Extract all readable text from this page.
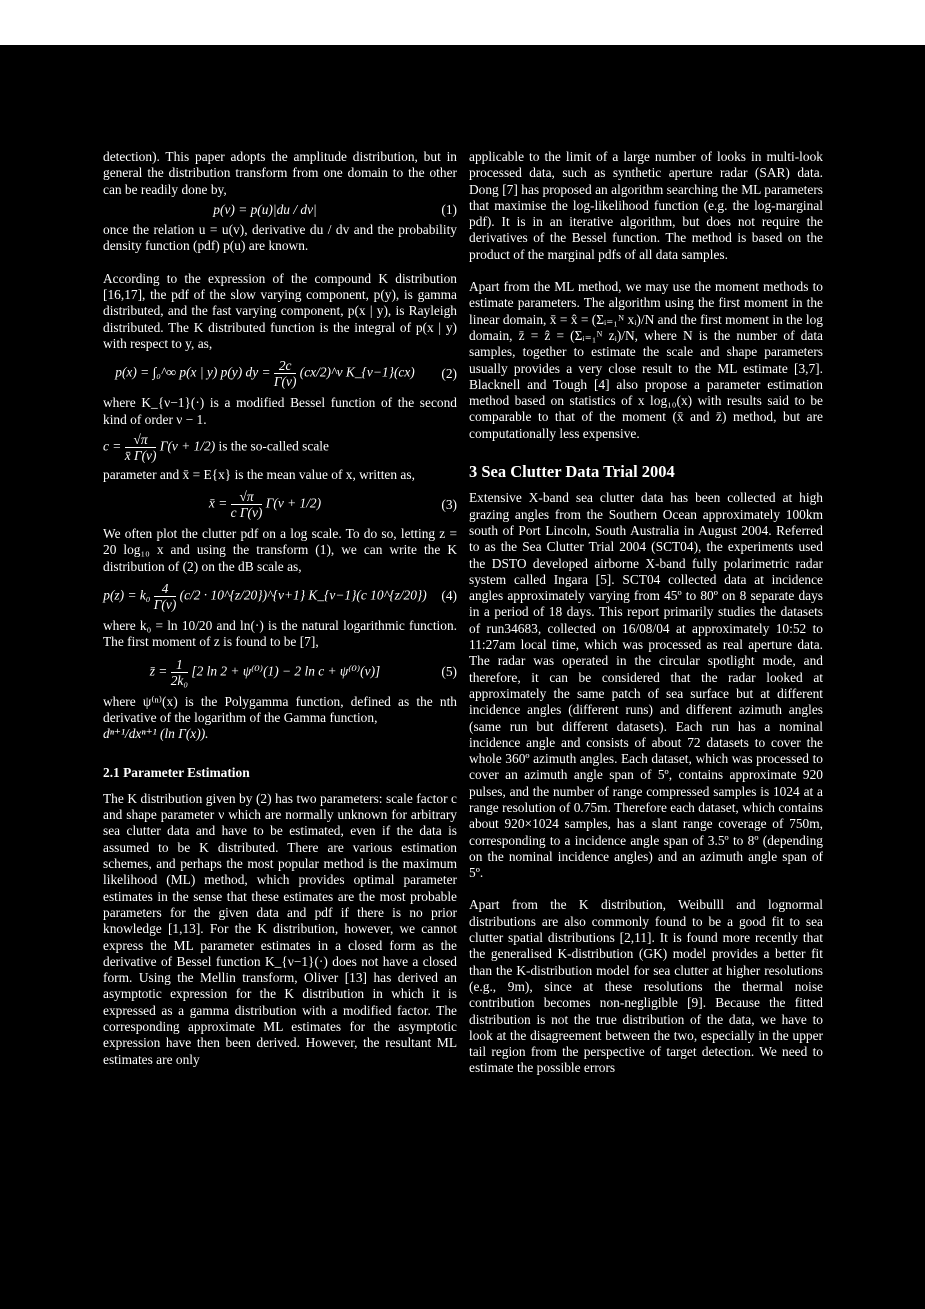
detection). This paper adopts the amplitude distribution, but in general the distribution transform from one domain to the other can be readily done by,

p(v) = p(u)|du / dv|	(1)

once the relation u = u(v), derivative du / dv and the probability density function (pdf) p(u) are known.

According to the expression of the compound K distribution [16,17], the pdf of the slow varying component, p(y), is gamma distributed, and the fast varying component, p(x | y), is Rayleigh distributed. The K distributed function is the integral of p(x | y) with respect to y, as,

p(x) = ∫₀^∞ p(x | y) p(y) dy = $\frac{2c}{\Gamma(\nu)}$ (cx/2)^ν K_{ν−1}(cx)	(2)

where K_{ν−1}(·) is a modified Bessel function of the second kind of order ν − 1.

$c = \frac{√\pi}{x̄ \Gamma(\nu)} \Gamma(\nu + 1/2)$ is the so-called scale

parameter and x̄ = E{x} is the mean value of x, written as,

x̄ = $\frac{√\pi}{\text{c Γ(ν)}} \Gamma(\nu + 1/2)$	(3)

We often plot the clutter pdf on a log scale. To do so, letting z = 20 log₁₀ x and using the transform (1), we can write the K distribution of (2) on the dB scale as,

$p(z) = k_0 \frac{4}{\Gamma(\nu)} (c/2$ · 10^{z/20})^{ν+1} K_{ν−1}(c 10^{z/20})	(4)

where k₀ = ln 10/20 and ln(·) is the natural logarithmic function. The first moment of z is found to be [7],

z̄ = $\frac{1}{\text{2k₀}} [2$ ln 2 + ψ⁽⁰⁾(1) − 2 ln c + ψ⁽⁰⁾(ν)]	(5)

where ψ⁽ⁿ⁾(x) is the Polygamma function, defined as the nth derivative of the logarithm of the Gamma function,

dⁿ⁺¹/dxⁿ⁺¹ (ln Γ(x)).

2.1 Parameter Estimation

The K distribution given by (2) has two parameters: scale factor c and shape parameter ν which are normally unknown for arbitrary sea clutter data and have to be estimated, even if the data is assumed to be K distributed. There are various estimation schemes, and perhaps the most popular method is the maximum likelihood (ML) method, which provides optimal parameter estimates in the sense that these estimates are the most probable parameters for the given data and pdf if there is no prior knowledge [1,13]. For the K distribution, however, we cannot express the ML parameter estimates in a closed form as the derivative of Bessel function K_{ν−1}(·) does not have a closed form. Using the Mellin transform, Oliver [13] has derived an asymptotic expression for the K distribution in which it is expressed as a gamma distribution with a modified factor. The corresponding approximate ML estimates for the asymptotic expression have then been derived. However, the resultant ML estimates are only

applicable to the limit of a large number of looks in multi-look processed data, such as synthetic aperture radar (SAR) data. Dong [7] has proposed an algorithm searching the ML parameters that maximise the log-likelihood function (e.g. the log-marginal pdf). It is in an iterative algorithm, but does not require the derivatives of the Bessel function. The method is based on the product of the marginal pdfs of all data samples.

Apart from the ML method, we may use the moment methods to estimate parameters. The algorithm using the first moment in the linear domain, x̄ = x̂ = (Σᵢ₌₁ᴺ xᵢ)/N and the first moment in the log domain, z̄ = ẑ = (Σᵢ₌₁ᴺ zᵢ)/N, where N is the number of data samples, together to estimate the scale and shape parameters usually provides a very close result to the ML estimate [3,7]. Blacknell and Tough [4] also propose a parameter estimation method based on statistics of x log₁₀(x) with results said to be comparable to that of the moment (x̄ and z̄) method, but are computationally less expensive.

3 Sea Clutter Data Trial 2004

Extensive X-band sea clutter data has been collected at high grazing angles from the Southern Ocean approximately 100km south of Port Lincoln, South Australia in August 2004. Referred to as the Sea Clutter Trial 2004 (SCT04), the experiments used the DSTO developed airborne X-band fully polarimetric radar system called Ingara [5]. SCT04 collected data at incidence angles approximately varying from 45º to 80º on 8 separate days in a period of 18 days. This report primarily studies the datasets of run34683, collected on 16/08/04 at approximately 10:52 to 11:27am local time, which was processed as real aperture data. The radar was operated in the circular spotlight mode, and therefore, it can be considered that the radar looked at approximately the same patch of sea surface but at different incidence angles (different runs) and different azimuth angles (same run but different datasets). Each run has a nominal incidence angle and consists of about 72 datasets to cover the whole 360º azimuth angles. Each dataset, which was processed to cover an azimuth angle span of 5º, contains approximate 920 pulses, and the number of range compressed samples is 1024 at a range resolution of 0.75m. Therefore each dataset, which contains about 920×1024 samples, has a slant range coverage of 750m, corresponding to a incidence angle span of 3.5º to 8º (depending on the nominal incidence angles) and an azimuth angle span of 5º.

Apart from the K distribution, Weibulll and lognormal distributions are also commonly found to be a good fit to sea clutter spatial distributions [2,11]. It is found more recently that the generalised K-distribution (GK) model provides a better fit than the K-distribution model for sea clutter at higher resolutions (e.g., 9m), since at these resolutions the thermal noise contribution becomes non-negligible [9]. Because the fitted distribution is not the true distribution of the data, we have to look at the disagreement between the two, especially in the upper tail region from the perspective of target detection. We need to estimate the possible errors
